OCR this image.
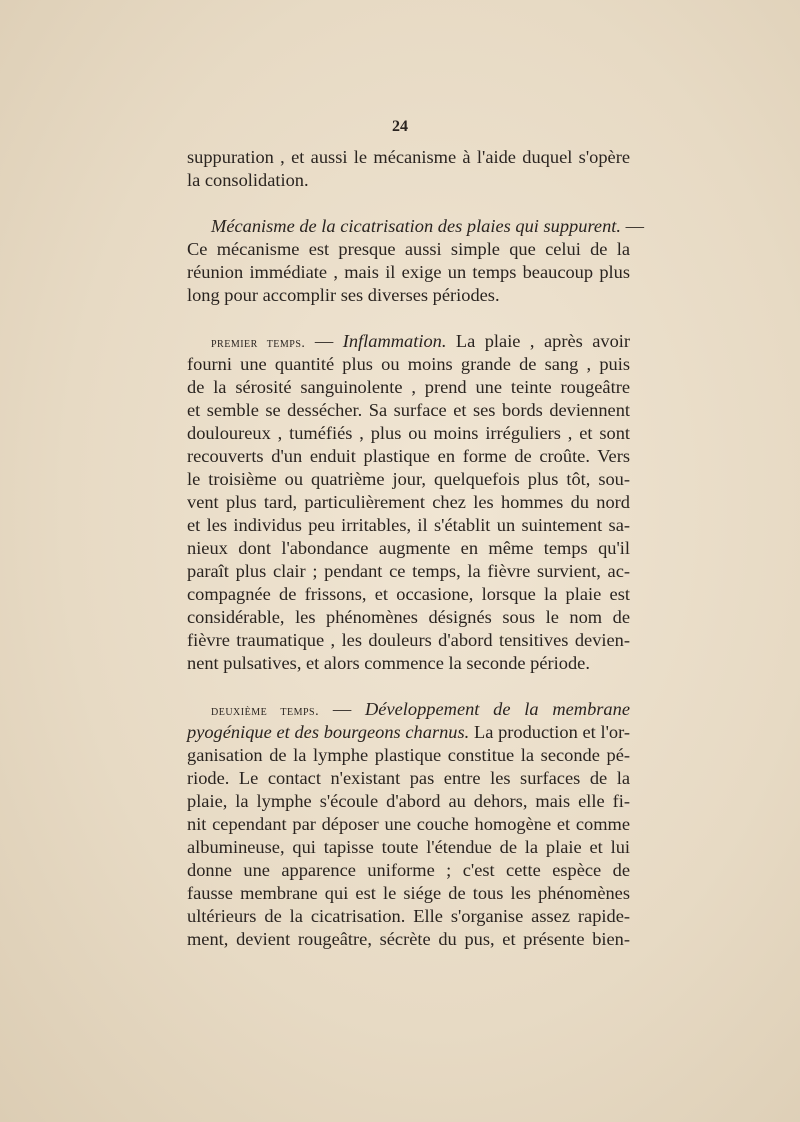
24
suppuration , et aussi le mécanisme à l'aide duquel s'opère
la consolidation.
Mécanisme de la cicatrisation des plaies qui suppurent. —
Ce mécanisme est presque aussi simple que celui de la
réunion immédiate , mais il exige un temps beaucoup plus
long pour accomplir ses diverses périodes.
premier temps. — Inflammation. La plaie , après avoir
fourni une quantité plus ou moins grande de sang , puis
de la sérosité sanguinolente , prend une teinte rougeâtre
et semble se dessécher. Sa surface et ses bords deviennent
douloureux , tuméfiés , plus ou moins irréguliers , et sont
recouverts d'un enduit plastique en forme de croûte. Vers
le troisième ou quatrième jour, quelquefois plus tôt, sou-
vent plus tard, particulièrement chez les hommes du nord
et les individus peu irritables, il s'établit un suintement sa-
nieux dont l'abondance augmente en même temps qu'il
paraît plus clair ; pendant ce temps, la fièvre survient, ac-
compagnée de frissons, et occasione, lorsque la plaie est
considérable, les phénomènes désignés sous le nom de
fièvre traumatique , les douleurs d'abord tensitives devien-
nent pulsatives, et alors commence la seconde période.
deuxième temps. — Développement de la membrane
pyogénique et des bourgeons charnus. La production et l'or-
ganisation de la lymphe plastique constitue la seconde pé-
riode. Le contact n'existant pas entre les surfaces de la
plaie, la lymphe s'écoule d'abord au dehors, mais elle fi-
nit cependant par déposer une couche homogène et comme
albumineuse, qui tapisse toute l'étendue de la plaie et lui
donne une apparence uniforme ; c'est cette espèce de
fausse membrane qui est le siége de tous les phénomènes
ultérieurs de la cicatrisation. Elle s'organise assez rapide-
ment, devient rougeâtre, sécrète du pus, et présente bien-
